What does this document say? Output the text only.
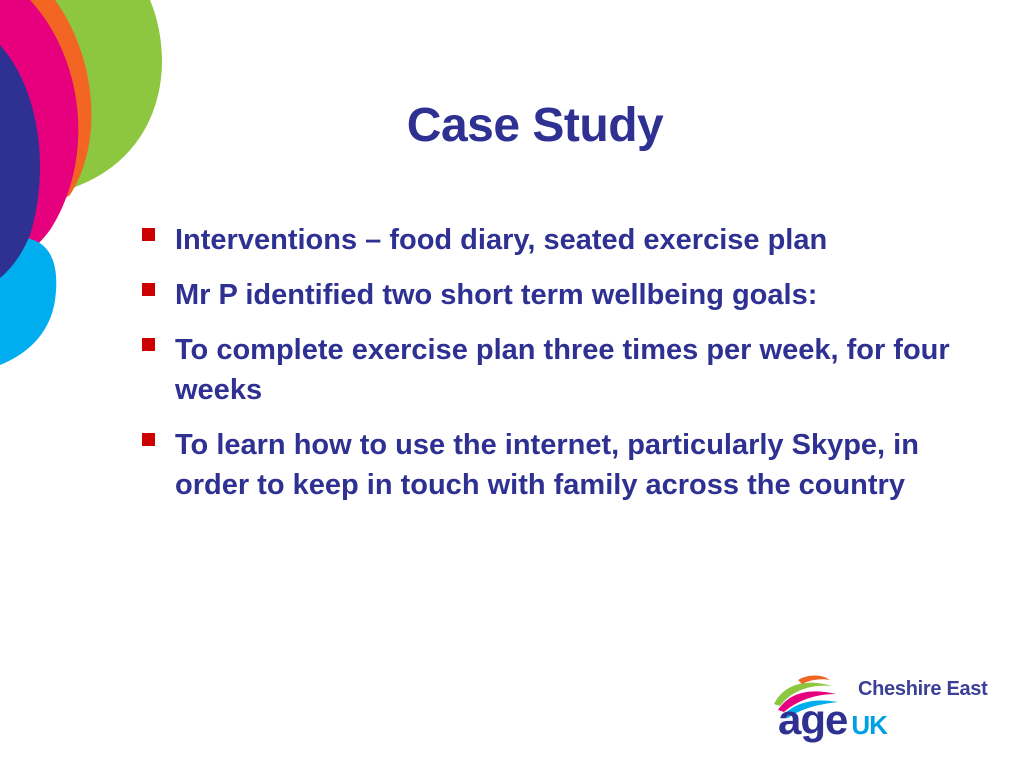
Case Study
Interventions – food diary, seated exercise plan
Mr P identified two short term wellbeing goals:
To complete exercise plan three times per week, for four weeks
To learn how to use the internet, particularly Skype, in order to keep in touch with family across the country
Cheshire East
age UK
